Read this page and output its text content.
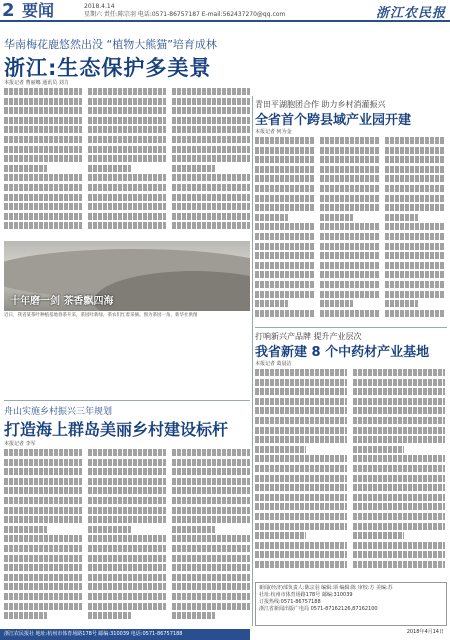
2 要闻	2018.4.14
星期六 责任:陈宗羽 电话:0571-86757187 E-mail:562437270@qq.com	浙江农民报
华南梅花鹿悠然出没 “植物大熊猫”培育成林
浙江:生态保护多美景
本报记者 曹丽娜 通讯员 刘力
青田平湖胞团合作 助力乡村消灌振兴
全省首个跨县域产业园开建
本报记者 何为金
十年磨一剑 茶香飘四海
近日，我省某茶叶种植基地春茶开采，茶园吐新绿，茶农们忙着采摘。图为茶园一角。新华社供图
打响新兴产品牌 提升产业层次
我省新建 8 个中药材产业基地
本报记者 葛晨洁
舟山实施乡村振兴三年规划
打造海上群岛美丽乡村建设标杆
本报记者 李军
新闻(经济)部负责人:陈宗羽 编辑:项 编辑:陈 审校:方 美编:苏
社址:杭州市体育场路178号 邮编:310039
订报热线:0571-86757188
浙江省新闻出版广电局 0571-87162126,87162100
2018年4月14日
浙江农民报社 地址:杭州市体育场路178号 邮编:310039 电话:0571-86757188
